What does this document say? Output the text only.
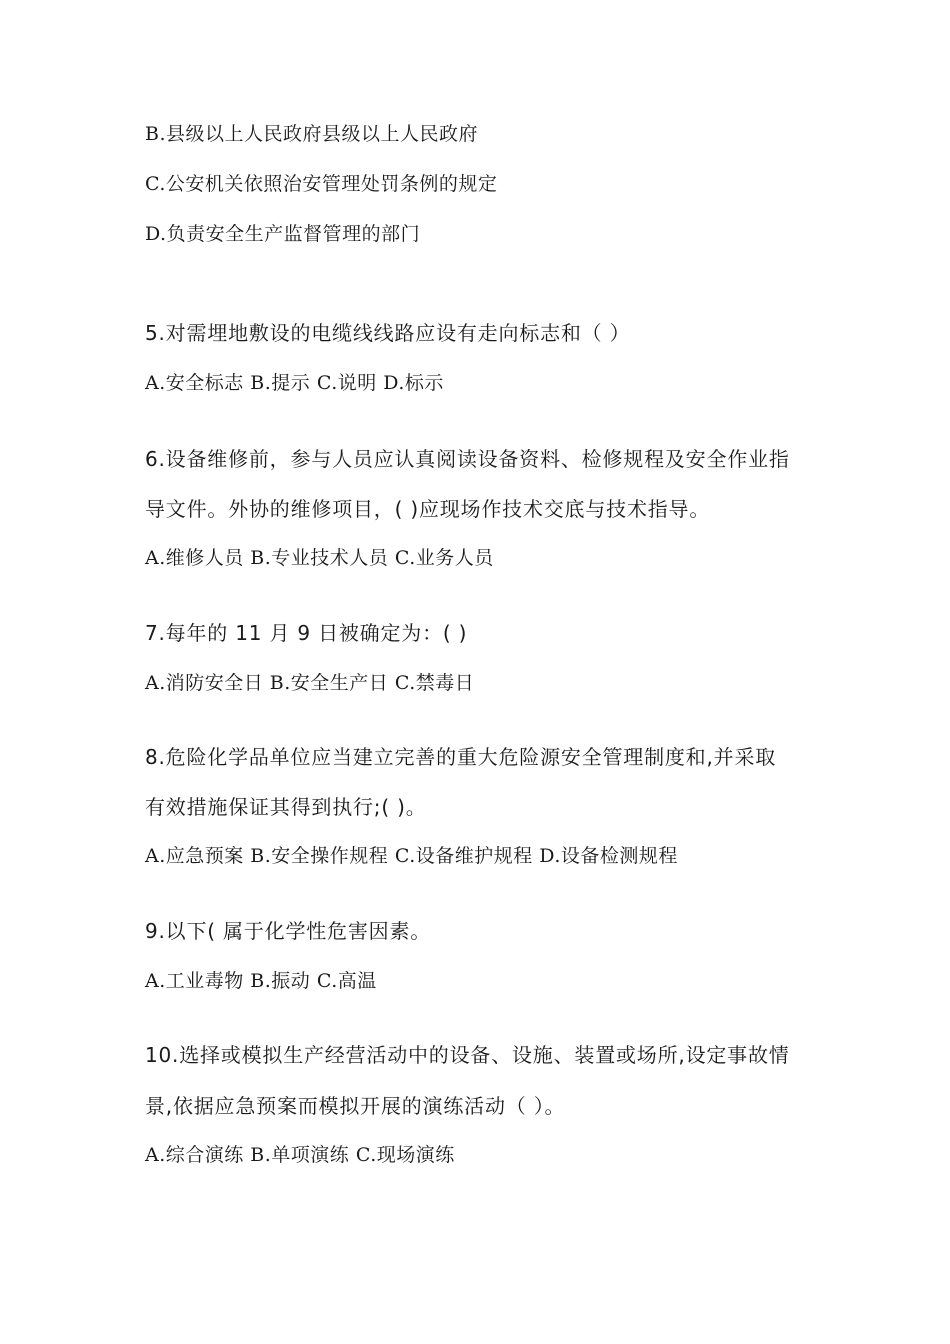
B.县级以上人民政府县级以上人民政府
C.公安机关依照治安管理处罚条例的规定
D.负责安全生产监督管理的部门
5.对需埋地敷设的电缆线线路应设有走向标志和（ ）
A.安全标志 B.提示 C.说明 D.标示
6.设备维修前，参与人员应认真阅读设备资料、检修规程及安全作业指
导文件。外协的维修项目，( )应现场作技术交底与技术指导。
A.维修人员 B.专业技术人员 C.业务人员
7.每年的 11 月 9 日被确定为：( )
A.消防安全日 B.安全生产日 C.禁毒日
8.危险化学品单位应当建立完善的重大危险源安全管理制度和,并采取
有效措施保证其得到执行;( )。
A.应急预案 B.安全操作规程 C.设备维护规程 D.设备检测规程
9.以下( 属于化学性危害因素。
A.工业毒物 B.振动 C.高温
10.选择或模拟生产经营活动中的设备、设施、装置或场所,设定事故情
景,依据应急预案而模拟开展的演练活动（ ）。
A.综合演练 B.单项演练 C.现场演练
